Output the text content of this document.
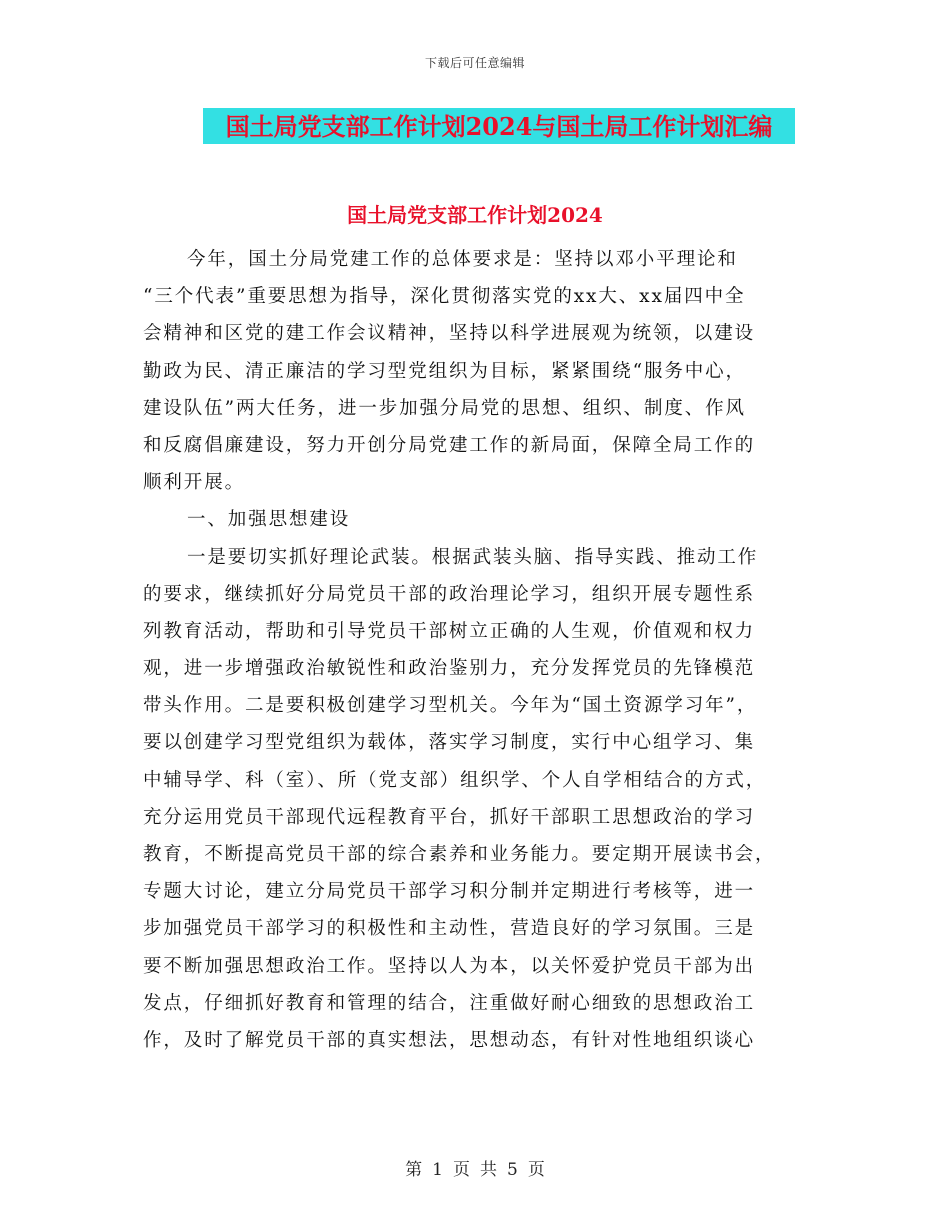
下载后可任意编辑
国土局党支部工作计划2024与国土局工作计划汇编
国土局党支部工作计划2024
今年，国土分局党建工作的总体要求是：坚持以邓小平理论和
“三个代表”重要思想为指导，深化贯彻落实党的xx大、xx届四中全
会精神和区党的建工作会议精神，坚持以科学进展观为统领，以建设
勤政为民、清正廉洁的学习型党组织为目标，紧紧围绕“服务中心，
建设队伍”两大任务，进一步加强分局党的思想、组织、制度、作风
和反腐倡廉建设，努力开创分局党建工作的新局面，保障全局工作的
顺利开展。
一、加强思想建设
一是要切实抓好理论武装。根据武装头脑、指导实践、推动工作
的要求，继续抓好分局党员干部的政治理论学习，组织开展专题性系
列教育活动，帮助和引导党员干部树立正确的人生观，价值观和权力
观，进一步增强政治敏锐性和政治鉴别力，充分发挥党员的先锋模范
带头作用。二是要积极创建学习型机关。今年为“国土资源学习年”，
要以创建学习型党组织为载体，落实学习制度，实行中心组学习、集
中辅导学、科（室）、所（党支部）组织学、个人自学相结合的方式，
充分运用党员干部现代远程教育平台，抓好干部职工思想政治的学习
教育，不断提高党员干部的综合素养和业务能力。要定期开展读书会，
专题大讨论，建立分局党员干部学习积分制并定期进行考核等，进一
步加强党员干部学习的积极性和主动性，营造良好的学习氛围。三是
要不断加强思想政治工作。坚持以人为本，以关怀爱护党员干部为出
发点，仔细抓好教育和管理的结合，注重做好耐心细致的思想政治工
作，及时了解党员干部的真实想法，思想动态，有针对性地组织谈心
第 1 页 共 5 页
